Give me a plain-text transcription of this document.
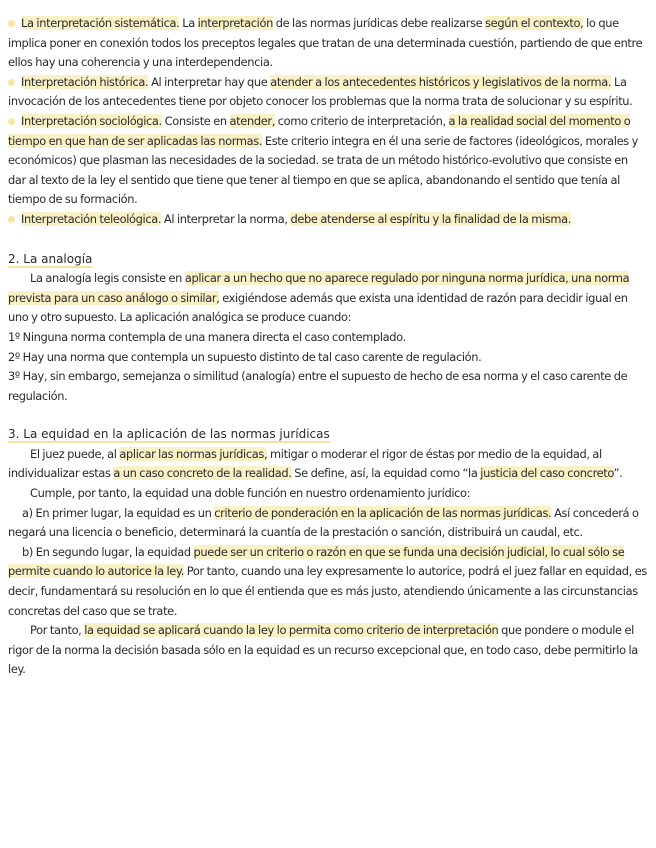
La interpretación sistemática. La interpretación de las normas jurídicas debe realizarse según el contexto, lo que implica poner en conexión todos los preceptos legales que tratan de una determinada cuestión, partiendo de que entre ellos hay una coherencia y una interdependencia.

Interpretación histórica. Al interpretar hay que atender a los antecedentes históricos y legislativos de la norma. La invocación de los antecedentes tiene por objeto conocer los problemas que la norma trata de solucionar y su espíritu.

Interpretación sociológica. Consiste en atender, como criterio de interpretación, a la realidad social del momento o tiempo en que han de ser aplicadas las normas. Este criterio integra en él una serie de factores (ideológicos, morales y económicos) que plasman las necesidades de la sociedad. se trata de un método histórico-evolutivo que consiste en dar al texto de la ley el sentido que tiene que tener al tiempo en que se aplica, abandonando el sentido que tenía al tiempo de su formación.

Interpretación teleológica. Al interpretar la norma, debe atenderse al espíritu y la finalidad de la misma.

2. La analogía

La analogía legis consiste en aplicar a un hecho que no aparece regulado por ninguna norma jurídica, una norma prevista para un caso análogo o similar, exigiéndose además que exista una identidad de razón para decidir igual en uno y otro supuesto. La aplicación analógica se produce cuando:

1º Ninguna norma contempla de una manera directa el caso contemplado.

2º Hay una norma que contempla un supuesto distinto de tal caso carente de regulación.

3º Hay, sin embargo, semejanza o similitud (analogía) entre el supuesto de hecho de esa norma y el caso carente de regulación.

3. La equidad en la aplicación de las normas jurídicas

El juez puede, al aplicar las normas jurídicas, mitigar o moderar el rigor de éstas por medio de la equidad, al individualizar estas a un caso concreto de la realidad. Se define, así, la equidad como “la justicia del caso concreto”.

Cumple, por tanto, la equidad una doble función en nuestro ordenamiento jurídico:

a) En primer lugar, la equidad es un criterio de ponderación en la aplicación de las normas jurídicas. Así concederá o negará una licencia o beneficio, determinará la cuantía de la prestación o sanción, distribuirá un caudal, etc.

b) En segundo lugar, la equidad puede ser un criterio o razón en que se funda una decisión judicial, lo cual sólo se permite cuando lo autorice la ley. Por tanto, cuando una ley expresamente lo autorice, podrá el juez fallar en equidad, es decir, fundamentará su resolución en lo que él entienda que es más justo, atendiendo únicamente a las circunstancias concretas del caso que se trate.

Por tanto, la equidad se aplicará cuando la ley lo permita como criterio de interpretación que pondere o module el rigor de la norma la decisión basada sólo en la equidad es un recurso excepcional que, en todo caso, debe permitirlo la ley.
